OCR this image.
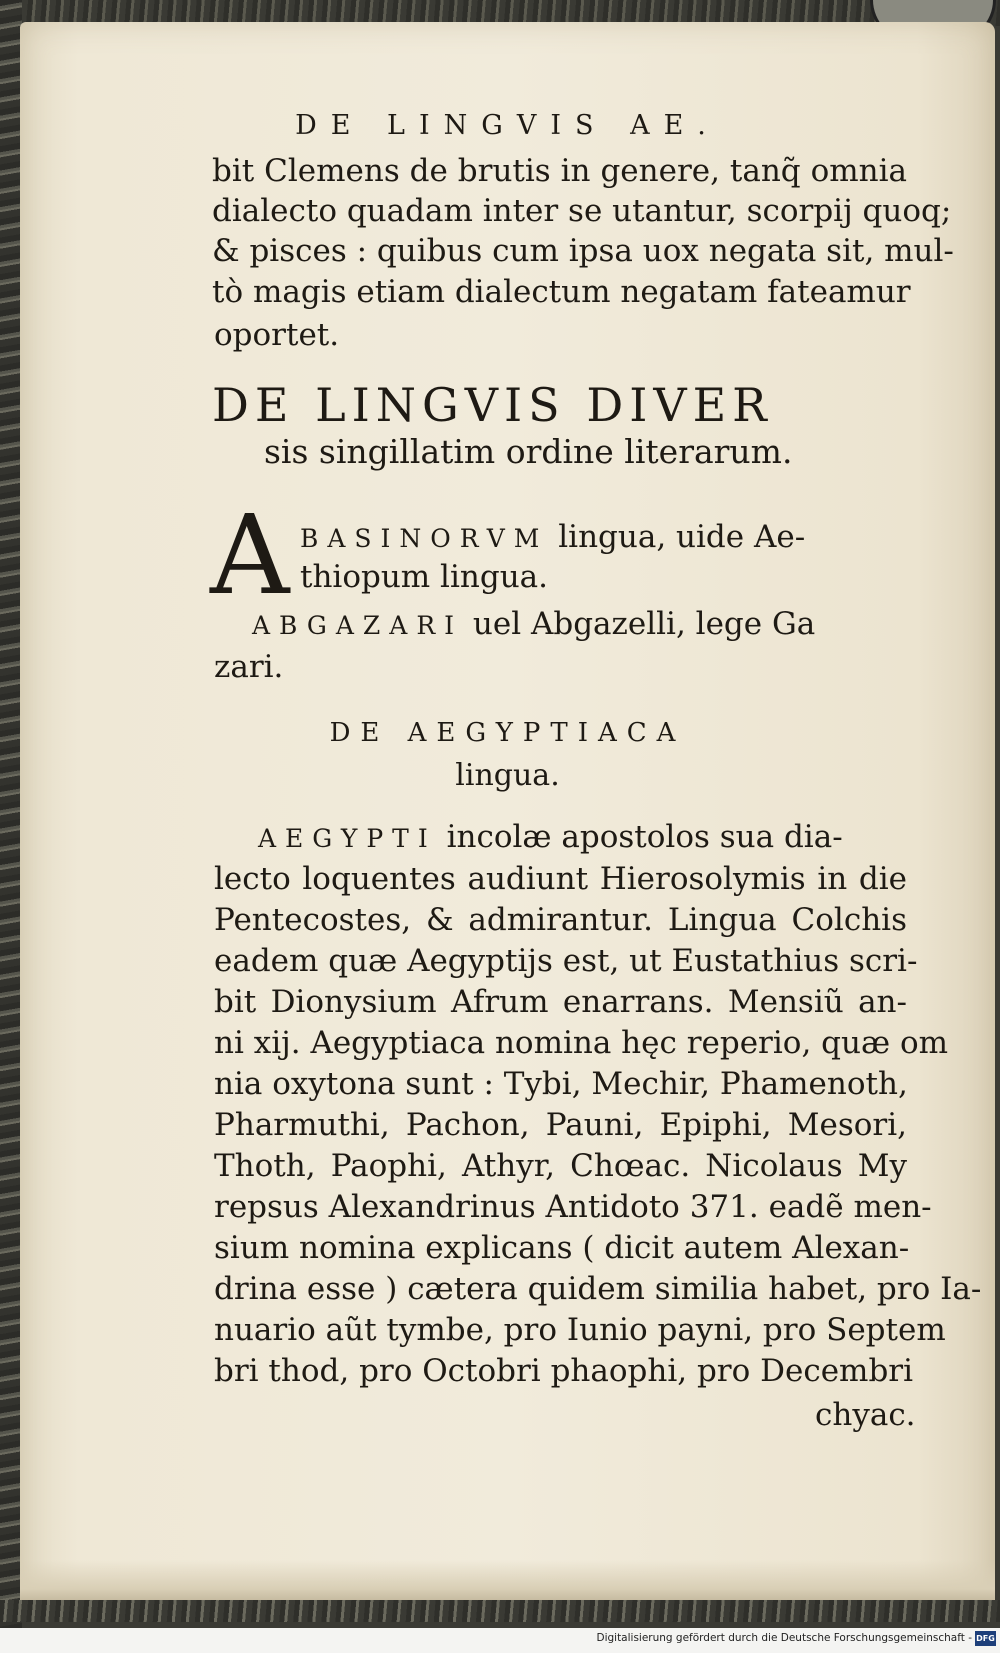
DE LINGVIS AE.
bit Clemens de brutis in genere, tanq̃ omnia
dialecto quadam inter se utantur, scorpij quoq;
& pisces : quibus cum ipsa uox negata sit, mul-
tò magis etiam dialectum negatam fateamur
oportet.
DE LINGVIS DIVER
sis singillatim ordine literarum.
A BASINORVM lingua, uide Ae-
thiopum lingua.
ABGAZARI uel Abgazelli, lege Ga
zari.
DE AEGYPTIACA
lingua.
AEGYPTI incolæ apostolos sua dia-
lecto loquentes audiunt Hierosolymis in die
Pentecostes, & admirantur. Lingua Colchis
eadem quæ Aegyptijs est, ut Eustathius scri-
bit Dionysium Afrum enarrans. Mensiũ an-
ni xij. Aegyptiaca nomina hęc reperio, quæ om
nia oxytona sunt : Tybi, Mechir, Phamenoth,
Pharmuthi, Pachon, Pauni, Epiphi, Mesori,
Thoth, Paophi, Athyr, Chœac. Nicolaus My
repsus Alexandrinus Antidoto 371. eadẽ men-
sium nomina explicans ( dicit autem Alexan-
drina esse ) cætera quidem similia habet, pro Ia-
nuario aũt tymbe, pro Iunio payni, pro Septem
bri thod, pro Octobri phaophi, pro Decembri
chyac.
Digitalisierung gefördert durch die Deutsche Forschungsgemeinschaft - DFG
